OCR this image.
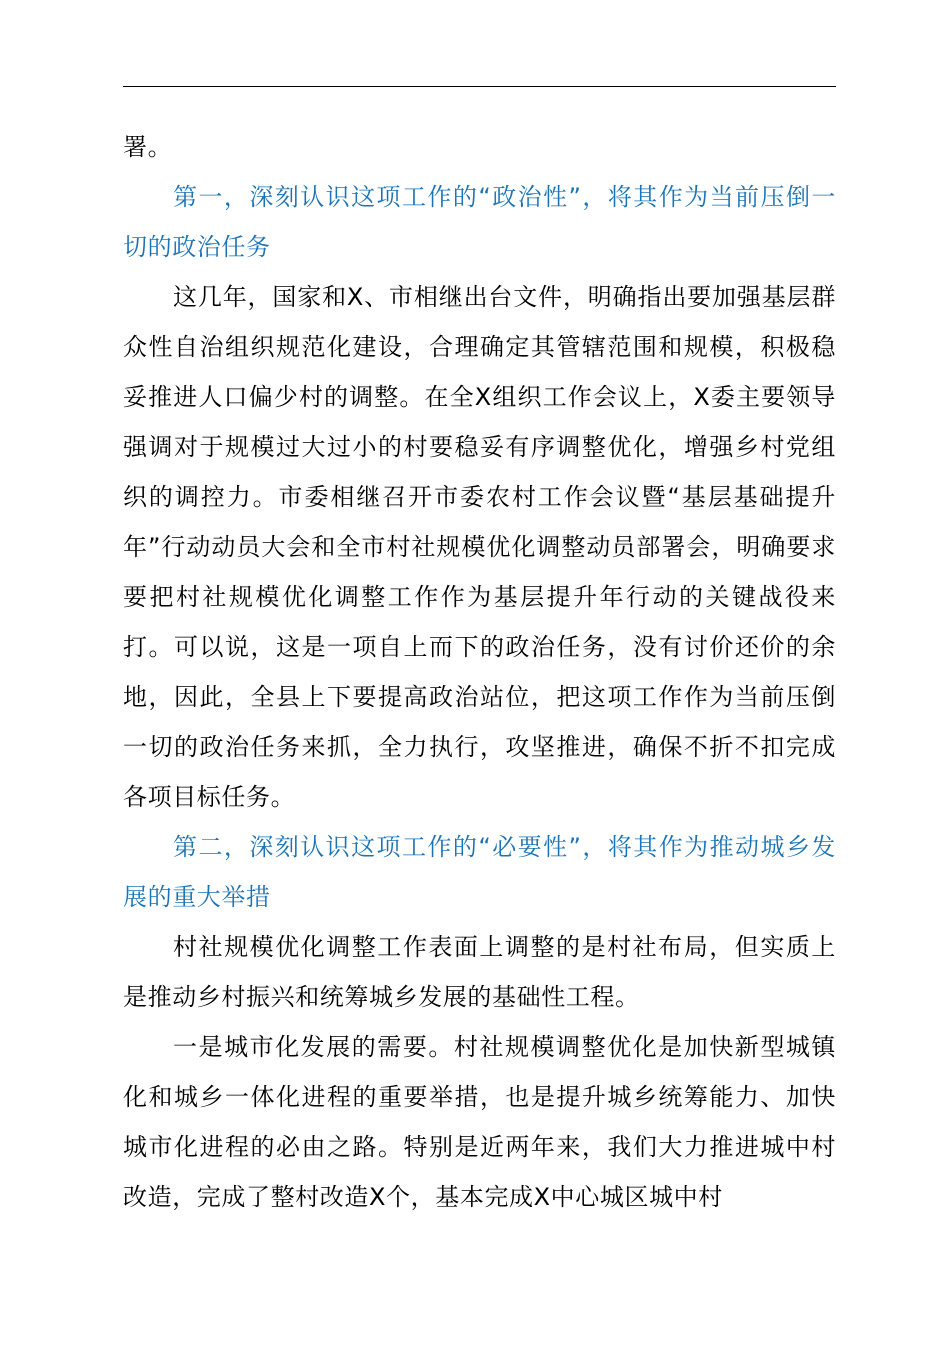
署。

第一，深刻认识这项工作的“政治性”，将其作为当前压倒一切的政治任务

这几年，国家和X、市相继出台文件，明确指出要加强基层群众性自治组织规范化建设，合理确定其管辖范围和规模，积极稳妥推进人口偏少村的调整。在全X组织工作会议上，X委主要领导强调对于规模过大过小的村要稳妥有序调整优化，增强乡村党组织的调控力。市委相继召开市委农村工作会议暨“基层基础提升年”行动动员大会和全市村社规模优化调整动员部署会，明确要求要把村社规模优化调整工作作为基层提升年行动的关键战役来打。可以说，这是一项自上而下的政治任务，没有讨价还价的余地，因此，全县上下要提高政治站位，把这项工作作为当前压倒一切的政治任务来抓，全力执行，攻坚推进，确保不折不扣完成各项目标任务。

第二，深刻认识这项工作的“必要性”，将其作为推动城乡发展的重大举措

村社规模优化调整工作表面上调整的是村社布局，但实质上是推动乡村振兴和统筹城乡发展的基础性工程。

一是城市化发展的需要。村社规模调整优化是加快新型城镇化和城乡一体化进程的重要举措，也是提升城乡统筹能力、加快城市化进程的必由之路。特别是近两年来，我们大力推进城中村改造，完成了整村改造X个，基本完成X中心城区城中村
